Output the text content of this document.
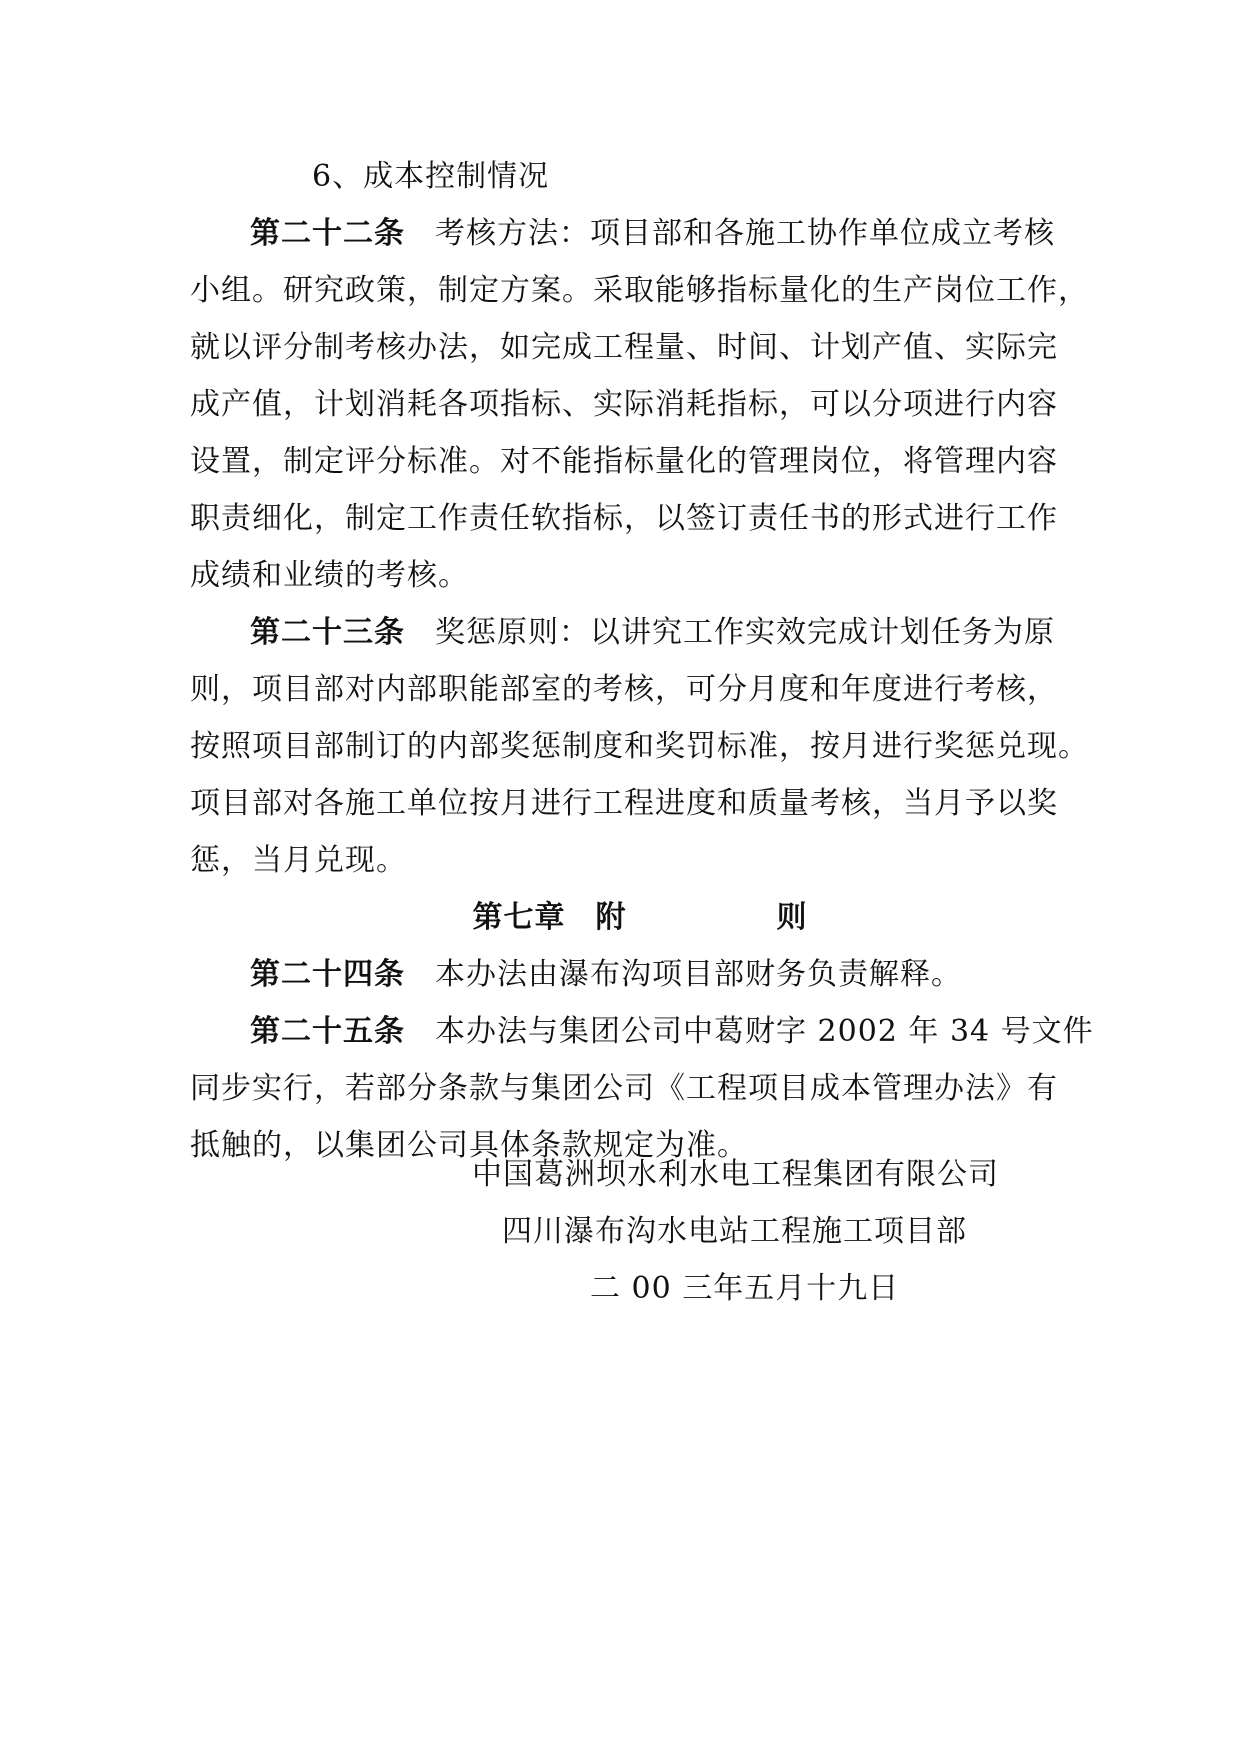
6、成本控制情况

第二十二条 考核方法：项目部和各施工协作单位成立考核

小组。研究政策，制定方案。采取能够指标量化的生产岗位工作，

就以评分制考核办法，如完成工程量、时间、计划产值、实际完

成产值，计划消耗各项指标、实际消耗指标，可以分项进行内容

设置，制定评分标准。对不能指标量化的管理岗位，将管理内容

职责细化，制定工作责任软指标，以签订责任书的形式进行工作

成绩和业绩的考核。

第二十三条 奖惩原则：以讲究工作实效完成计划任务为原

则，项目部对内部职能部室的考核，可分月度和年度进行考核，

按照项目部制订的内部奖惩制度和奖罚标准，按月进行奖惩兑现。

项目部对各施工单位按月进行工程进度和质量考核，当月予以奖

惩，当月兑现。

第七章 附	则

第二十四条 本办法由瀑布沟项目部财务负责解释。

第二十五条 本办法与集团公司中葛财字 2002 年 34 号文件

同步实行，若部分条款与集团公司《工程项目成本管理办法》有

抵触的，以集团公司具体条款规定为准。

中国葛洲坝水利水电工程集团有限公司
四川瀑布沟水电站工程施工项目部
二 00 三年五月十九日
